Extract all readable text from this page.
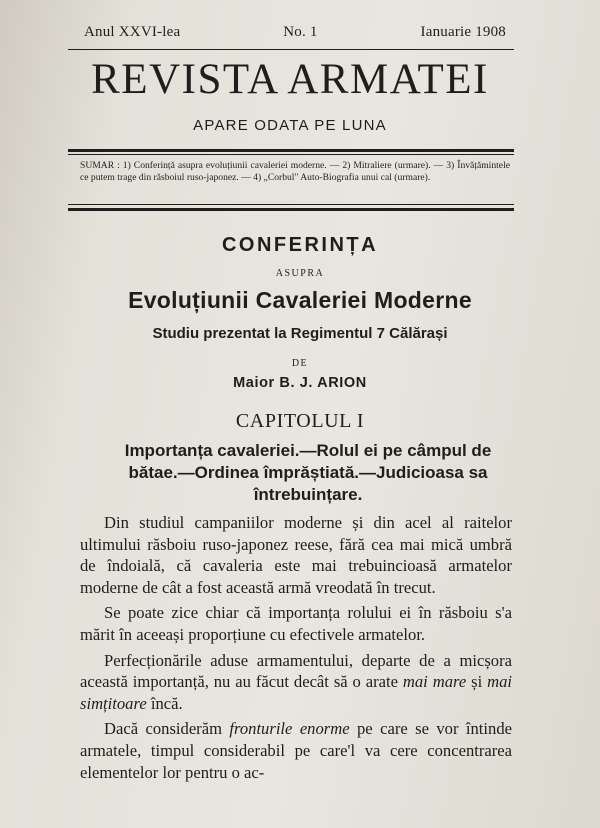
Anul XXVI-lea	No. 1	Ianuarie 1908
REVISTA ARMATEI
APARE ODATA PE LUNA
SUMAR : 1) Conferință asupra evoluțiunii cavaleriei moderne. — 2) Mitraliere (urmare). — 3) Învățămintele ce putem trage din răsboiul ruso-japonez. — 4) „Corbul" Auto-Biografia unui cal (urmare).
CONFERINȚA
ASUPRA
Evoluțiunii Cavaleriei Moderne
Studiu prezentat la Regimentul 7 Călărași
DE
Maior B. J. ARION
CAPITOLUL I
Importanța cavaleriei.—Rolul ei pe câmpul de bătae.—Ordinea împrăștiată.—Judicioasa sa întrebuințare.

Din studiul campaniilor moderne și din acel al raitelor ultimului răsboiu ruso-japonez reese, fără cea mai mică umbră de îndoială, că cavaleria este mai trebuincioasă armatelor moderne de cât a fost această armă vreodată în trecut.

Se poate zice chiar că importanța rolului ei în răsboiu s'a mărit în aceeași proporțiune cu efectivele armatelor.

Perfecționările aduse armamentului, departe de a micșora această importanță, nu au făcut decât să o arate mai mare și mai simțitoare încă.

Dacă considerăm fronturile enorme pe care se vor întinde armatele, timpul considerabil pe care'l va cere concentrarea elementelor lor pentru o ac-
